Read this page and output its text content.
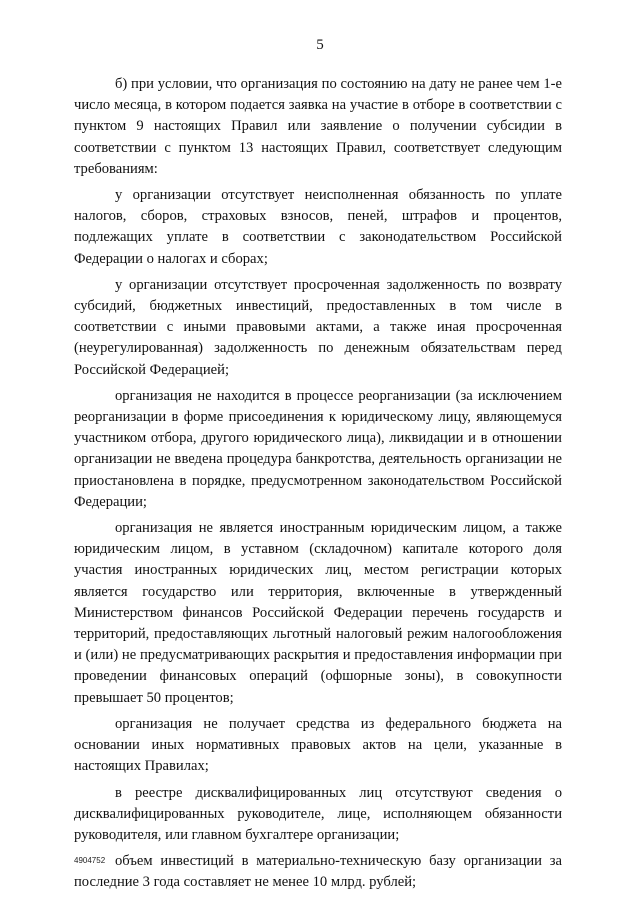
5

б) при условии, что организация по состоянию на дату не ранее чем 1-е число месяца, в котором подается заявка на участие в отборе в соответствии с пунктом 9 настоящих Правил или заявление о получении субсидии в соответствии с пунктом 13 настоящих Правил, соответствует следующим требованиям:

у организации отсутствует неисполненная обязанность по уплате налогов, сборов, страховых взносов, пеней, штрафов и процентов, подлежащих уплате в соответствии с законодательством Российской Федерации о налогах и сборах;

у организации отсутствует просроченная задолженность по возврату субсидий, бюджетных инвестиций, предоставленных в том числе в соответствии с иными правовыми актами, а также иная просроченная (неурегулированная) задолженность по денежным обязательствам перед Российской Федерацией;

организация не находится в процессе реорганизации (за исключением реорганизации в форме присоединения к юридическому лицу, являющемуся участником отбора, другого юридического лица), ликвидации и в отношении организации не введена процедура банкротства, деятельность организации не приостановлена в порядке, предусмотренном законодательством Российской Федерации;

организация не является иностранным юридическим лицом, а также юридическим лицом, в уставном (складочном) капитале которого доля участия иностранных юридических лиц, местом регистрации которых является государство или территория, включенные в утвержденный Министерством финансов Российской Федерации перечень государств и территорий, предоставляющих льготный налоговый режим налогообложения и (или) не предусматривающих раскрытия и предоставления информации при проведении финансовых операций (офшорные зоны), в совокупности превышает 50 процентов;

организация не получает средства из федерального бюджета на основании иных нормативных правовых актов на цели, указанные в настоящих Правилах;

в реестре дисквалифицированных лиц отсутствуют сведения о дисквалифицированных руководителе, лице, исполняющем обязанности руководителя, или главном бухгалтере организации;

объем инвестиций в материально-техническую базу организации за последние 3 года составляет не менее 10 млрд. рублей;

4904752
